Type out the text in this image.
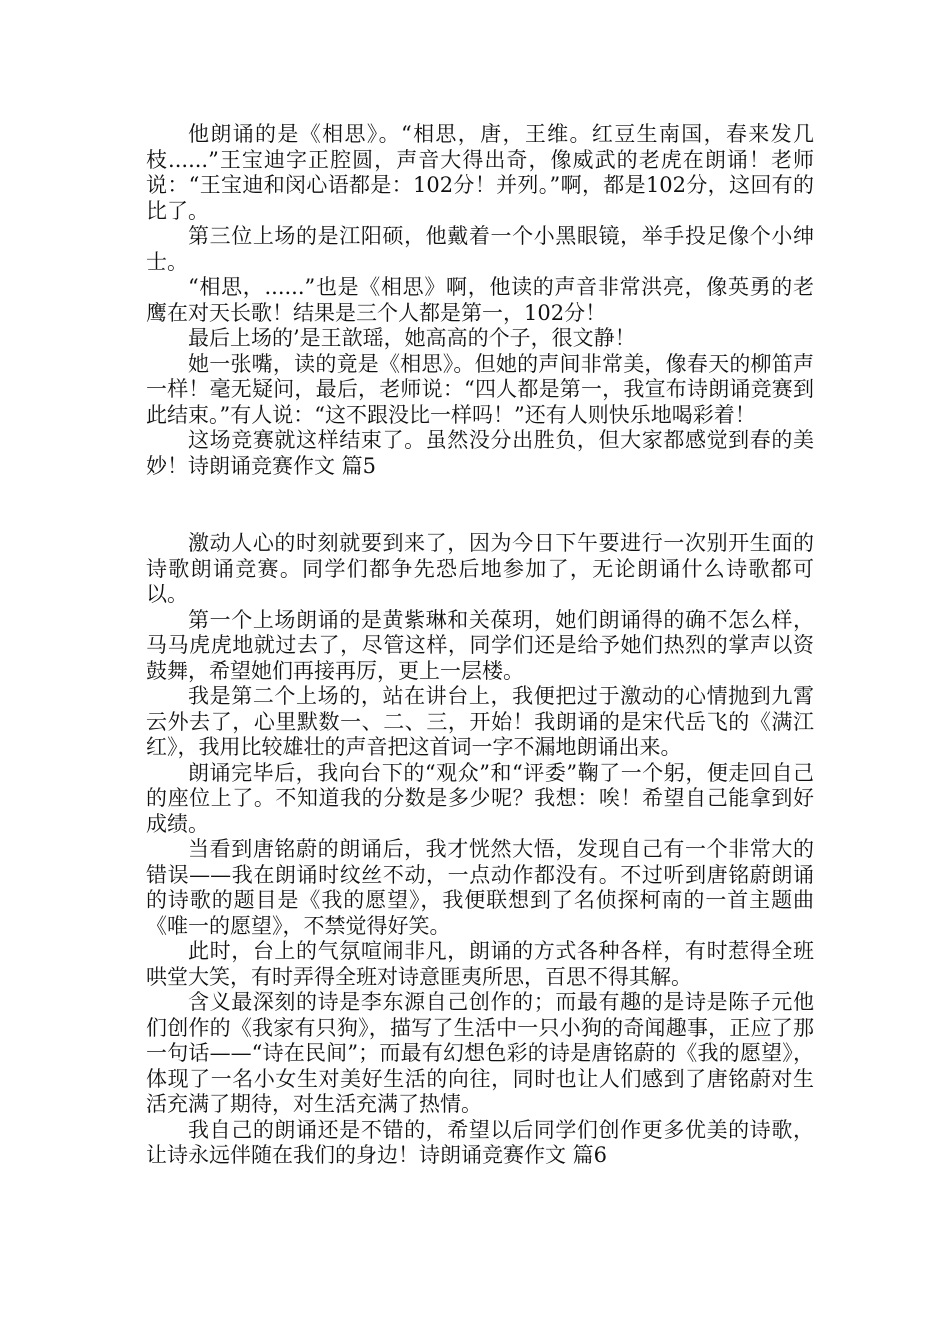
他朗诵的是《相思》。“相思，唐，王维。红豆生南国，春来发几枝......”王宝迪字正腔圆，声音大得出奇，像威武的老虎在朗诵！老师说：“王宝迪和闵心语都是：102分！并列。”啊，都是102分，这回有的比了。

第三位上场的是江阳硕，他戴着一个小黑眼镜，举手投足像个小绅士。

“相思，......”也是《相思》啊，他读的声音非常洪亮，像英勇的老鹰在对天长歌！结果是三个人都是第一，102分！

最后上场的’是王歆瑶，她高高的个子，很文静！

她一张嘴，读的竟是《相思》。但她的声间非常美，像春天的柳笛声一样！毫无疑问，最后，老师说：“四人都是第一，我宣布诗朗诵竞赛到此结束。”有人说：“这不跟没比一样吗！”还有人则快乐地喝彩着！

这场竞赛就这样结束了。虽然没分出胜负，但大家都感觉到春的美妙！诗朗诵竞赛作文 篇5

激动人心的时刻就要到来了，因为今日下午要进行一次别开生面的诗歌朗诵竞赛。同学们都争先恐后地参加了，无论朗诵什么诗歌都可以。

第一个上场朗诵的是黄紫琳和关葆玥，她们朗诵得的确不怎么样，马马虎虎地就过去了，尽管这样，同学们还是给予她们热烈的掌声以资鼓舞，希望她们再接再厉，更上一层楼。

我是第二个上场的，站在讲台上，我便把过于激动的心情抛到九霄云外去了，心里默数一、二、三，开始！我朗诵的是宋代岳飞的《满江红》，我用比较雄壮的声音把这首词一字不漏地朗诵出来。

朗诵完毕后，我向台下的“观众”和“评委”鞠了一个躬，便走回自己的座位上了。不知道我的分数是多少呢？我想：唉！希望自己能拿到好成绩。

当看到唐铭蔚的朗诵后，我才恍然大悟，发现自己有一个非常大的错误——我在朗诵时纹丝不动，一点动作都没有。不过听到唐铭蔚朗诵的诗歌的题目是《我的愿望》，我便联想到了名侦探柯南的一首主题曲《唯一的愿望》，不禁觉得好笑。

此时，台上的气氛喧闹非凡，朗诵的方式各种各样，有时惹得全班哄堂大笑，有时弄得全班对诗意匪夷所思，百思不得其解。

含义最深刻的诗是李东源自己创作的；而最有趣的是诗是陈子元他们创作的《我家有只狗》，描写了生活中一只小狗的奇闻趣事，正应了那一句话——“诗在民间”；而最有幻想色彩的诗是唐铭蔚的《我的愿望》，体现了一名小女生对美好生活的向往，同时也让人们感到了唐铭蔚对生活充满了期待，对生活充满了热情。

我自己的朗诵还是不错的，希望以后同学们创作更多优美的诗歌，让诗永远伴随在我们的身边！诗朗诵竞赛作文 篇6
